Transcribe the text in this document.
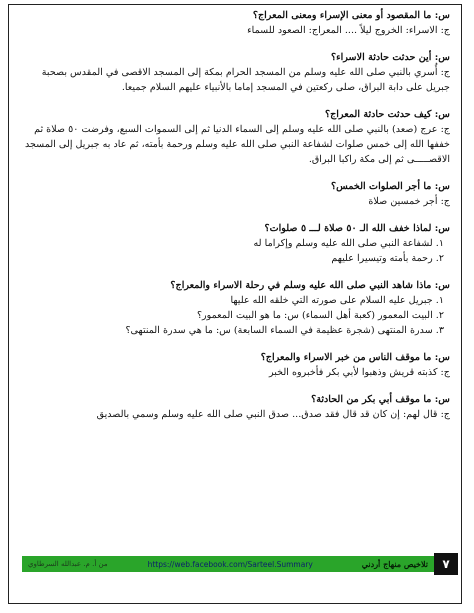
س: ما المقصود أو معنى الإسراء ومعنى المعراج؟

ج: الاسراء: الخروج ليلاً .... المعراج: الصعود للسماء

س: أين حدثت حادثة الاسراء؟

ج: أُسري بالنبي صلى الله عليه وسلم من المسجد الحرام بمكة إلى المسجد الاقصى في المقدس بصحبة جبريل على دابة البراق، صلى ركعتين في المسجد إماما بالأنبياء عليهم السلام جميعا.

س: كيف حدثت حادثة المعراج؟

ج: عرج (صعد) بالنبي صلى الله عليه وسلم إلى السماء الدنيا ثم إلى السموات السبع، وفرضت ٥٠ صلاة ثم خففها الله إلى خمس صلوات لشفاعة النبي صلى الله عليه وسلم ورحمة بأمته، ثم عاد به جبريل إلى المسجد الاقصـــــى ثم إلى مكة راكبا البراق.

س: ما أجر الصلوات الخمس؟

ج: أجر خمسين صلاة

س: لماذا خفف الله الـ ٥٠ صلاة لـــ ٥ صلوات؟

١. لشفاعة النبي صلى الله عليه وسلم وإكراما له

٢. رحمة بأمته وتيسيرا عليهم

س: ماذا شاهد النبي صلى الله عليه وسلم في رحلة الاسراء والمعراج؟

١. جبريل عليه السلام على صورته التي خلقه الله عليها

٢. البيت المعمور (كعبة أهل السماء) س: ما هو البيت المعمور؟

٣. سدرة المنتهى (شجرة عظيمة في السماء السابعة) س: ما هي سدرة المنتهى؟

س: ما موقف الناس من خبر الاسراء والمعراج؟

ج: كذبته قريش وذهبوا لأبي بكر فأخبروه الخبر

س: ما موقف أبي بكر من الحادثة؟

ج: قال لهم: إن كان قد قال فقد صدق... صدق النبي صلى الله عليه وسلم وسمي بالصديق

تلاخيص منهاج أردني
https://web.facebook.com/Sarteel.Summary
من أ. م. عبدالله السرطاوي	٧
